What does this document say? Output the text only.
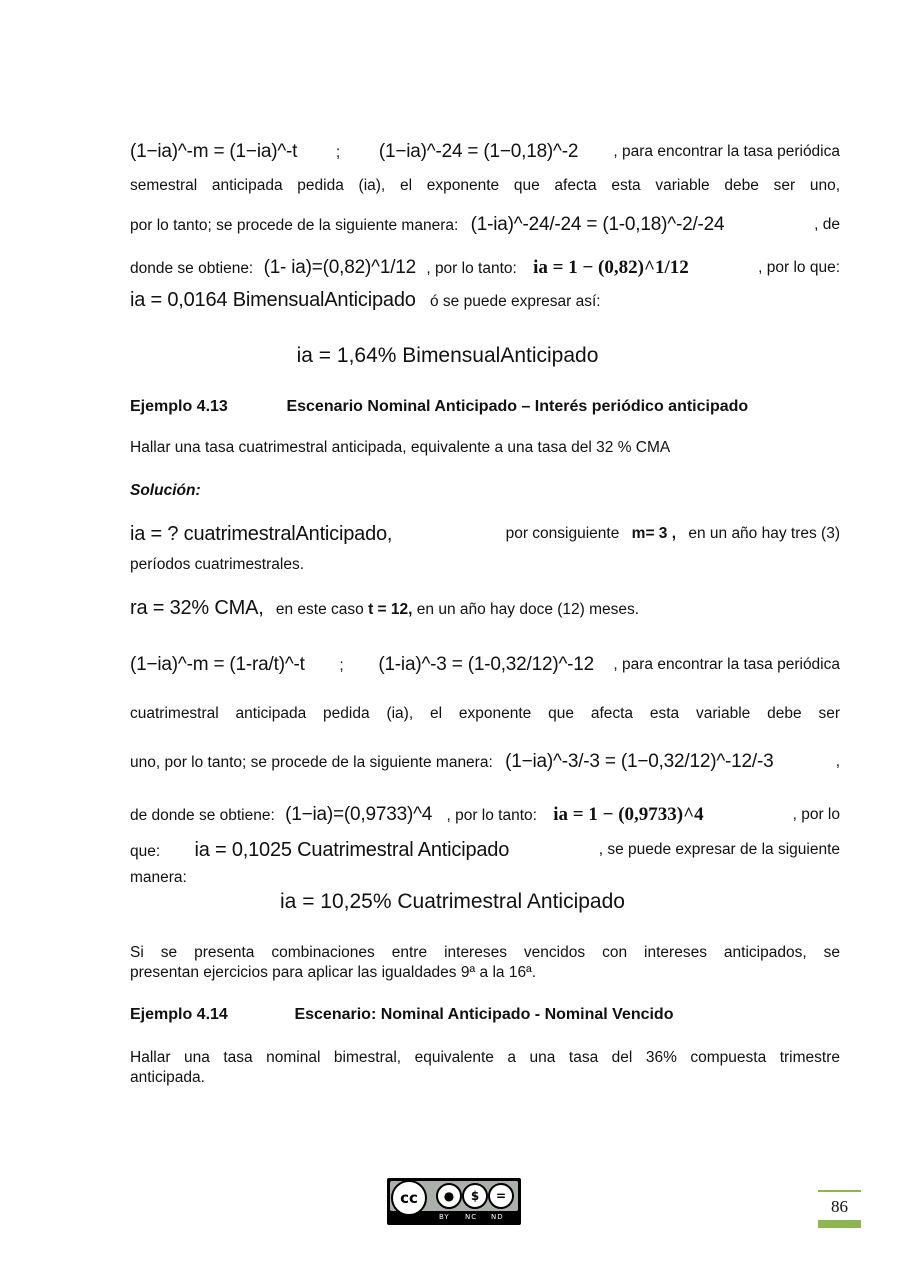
(1−ia)^-m = (1−ia)^-t ; (1−ia)^-24 = (1−0,18)^-2 , para encontrar la tasa periódica
semestral anticipada pedida (ia), el exponente que afecta esta variable debe ser uno,
por lo tanto; se procede de la siguiente manera: (1-ia)^-24/-24 = (1-0,18)^-2/-24	, de
donde se obtiene: (1- ia)=(0,82)^1/12 , por lo tanto: ia = 1 − (0,82)^1/12	, por lo que:
ia = 0,0164 BimensualAnticipado ó se puede expresar así:
ia = 1,64% BimensualAnticipado
Ejemplo 4.13	Escenario Nominal Anticipado – Interés periódico anticipado
Hallar una tasa cuatrimestral anticipada, equivalente a una tasa del 32 % CMA
Solución:
ia = ? cuatrimestralAnticipado,	por consiguiente m= 3 , en un año hay tres (3)
períodos cuatrimestrales.
ra = 32% CMA, en este caso t = 12, en un año hay doce (12) meses.
(1−ia)^-m = (1-ra/t)^-t ; (1-ia)^-3 = (1-0,32/12)^-12 , para encontrar la tasa periódica
cuatrimestral anticipada pedida (ia), el exponente que afecta esta variable debe ser
uno, por lo tanto; se procede de la siguiente manera: (1−ia)^-3/-3 = (1−0,32/12)^-12/-3	,
de donde se obtiene: (1−ia)=(0,9733)^4 , por lo tanto: ia = 1 − (0,9733)^4	, por lo
que: ia = 0,1025 Cuatrimestral Anticipado	, se puede expresar de la siguiente
manera:
ia = 10,25% Cuatrimestral Anticipado
Si se presenta combinaciones entre intereses vencidos con intereses anticipados, se
presentan ejercicios para aplicar las igualdades 9ª a la 16ª.
Ejemplo 4.14	Escenario: Nominal Anticipado - Nominal Vencido
Hallar una tasa nominal bimestral, equivalente a una tasa del 36% compuesta trimestre
anticipada.
cc	●	$	=
BY NC ND
86
